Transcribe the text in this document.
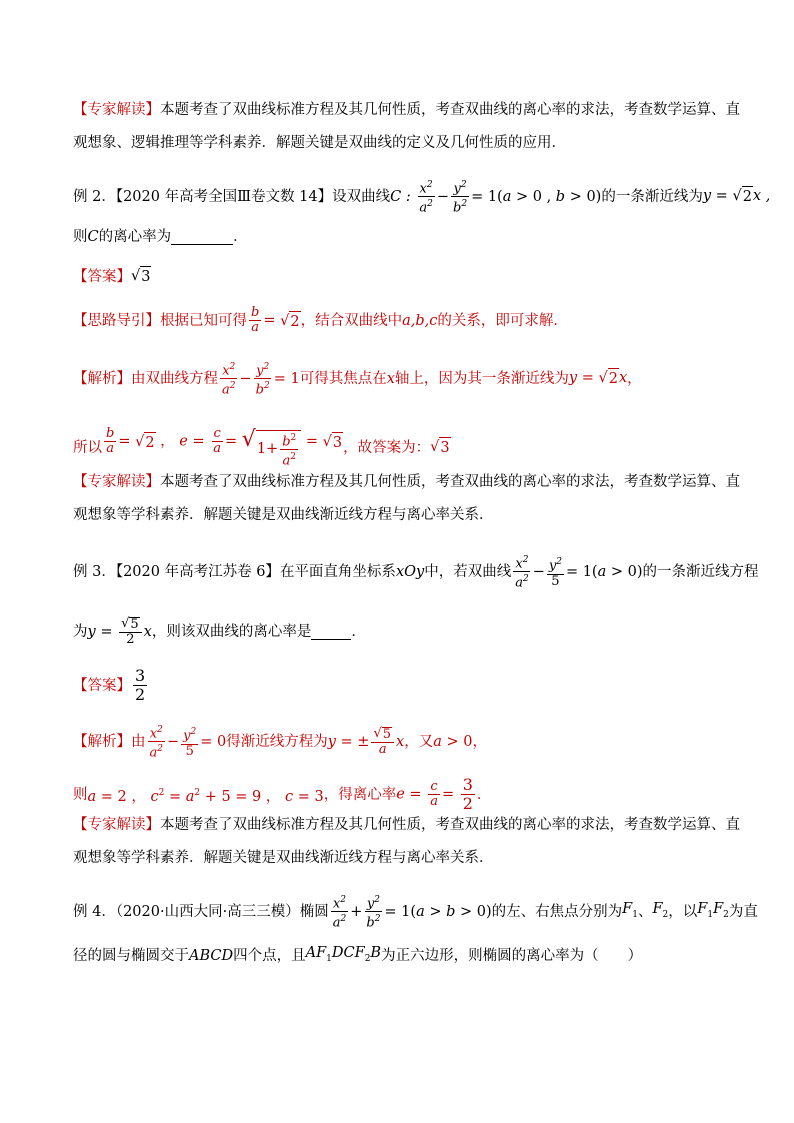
【专家解读】 本题考查了双曲线标准方程及其几何性质，考查双曲线的离心率的求法，考查数学运算、直
观想象、逻辑推理等学科素养．解题关键是双曲线的定义及几何性质的应用．
例 2．【2020 年高考全国Ⅲ卷文数 14】 设双曲线 C : $\frac{x^2}{a^2} - \frac{y^2}{b^2} = 1(a > 0$ , b > 0) 的一条渐近线为 y = √ 2 x ,
则 C 的离心率为	．
【答案】 √ 3
【思路导引】 根据已知可得 $\frac{b}{a}$ = √ 2 ，结合双曲线中 a,b,c 的关系，即可求解．
【解析】 由双曲线方程 $\frac{x^2}{a^2} - \frac{y^2}{b^2} = 1$ 可得其焦点在 x 轴上，因为其一条渐近线为 y = √ 2 x ，
所以 $\frac{b}{a}$ = √ 2 ， $e = \frac{c}{a}$ = √ $1+ \frac{b^2}{a^2}$ = √ 3 ，故答案为： √ 3
【专家解读】 本题考查了双曲线标准方程及其几何性质，考查双曲线的离心率的求法，考查数学运算、直
观想象等学科素养．解题关键是双曲线渐近线方程与离心率关系．
例 3．【2020 年高考江苏卷 6】 在平面直角坐标系 xOy 中，若双曲线 $\frac{x^2}{a^2} - \frac{y^2}{5} = 1(a > 0)$ 的一条渐近线方程
为 $y = \frac{√ 5}{2}$ x ，则该双曲线的离心率是	．
【答案】 $\frac{3}{2}$
【解析】 由 $\frac{x^2}{a^2} - \frac{y^2}{5} = 0$ 得渐近线方程为 y = ± $\frac{√ 5}{a}$ x ，又 a > 0 ，
则 a = 2 ， $c^2 = a^2 + 5 = 9$ ， c = 3 ，得离心率 $e = \frac{c}{a} = \frac{3}{2}$ ．
【专家解读】 本题考查了双曲线标准方程及其几何性质，考查双曲线的离心率的求法，考查数学运算、直
观想象等学科素养．解题关键是双曲线渐近线方程与离心率关系．
例 4．（2020·山西大同·高三三模） 椭圆 $\frac{x^2}{a^2} + \frac{y^2}{b^2} = 1(a > b > 0)$ 的左、右焦点分别为 $F_1$ 、 $F_2$ ，以 $F_1F_2$ 为直
径的圆与椭圆交于 ABCD 四个点，且 $AF_1DCF_2B$ 为正六边形，则椭圆的离心率为（　　）
